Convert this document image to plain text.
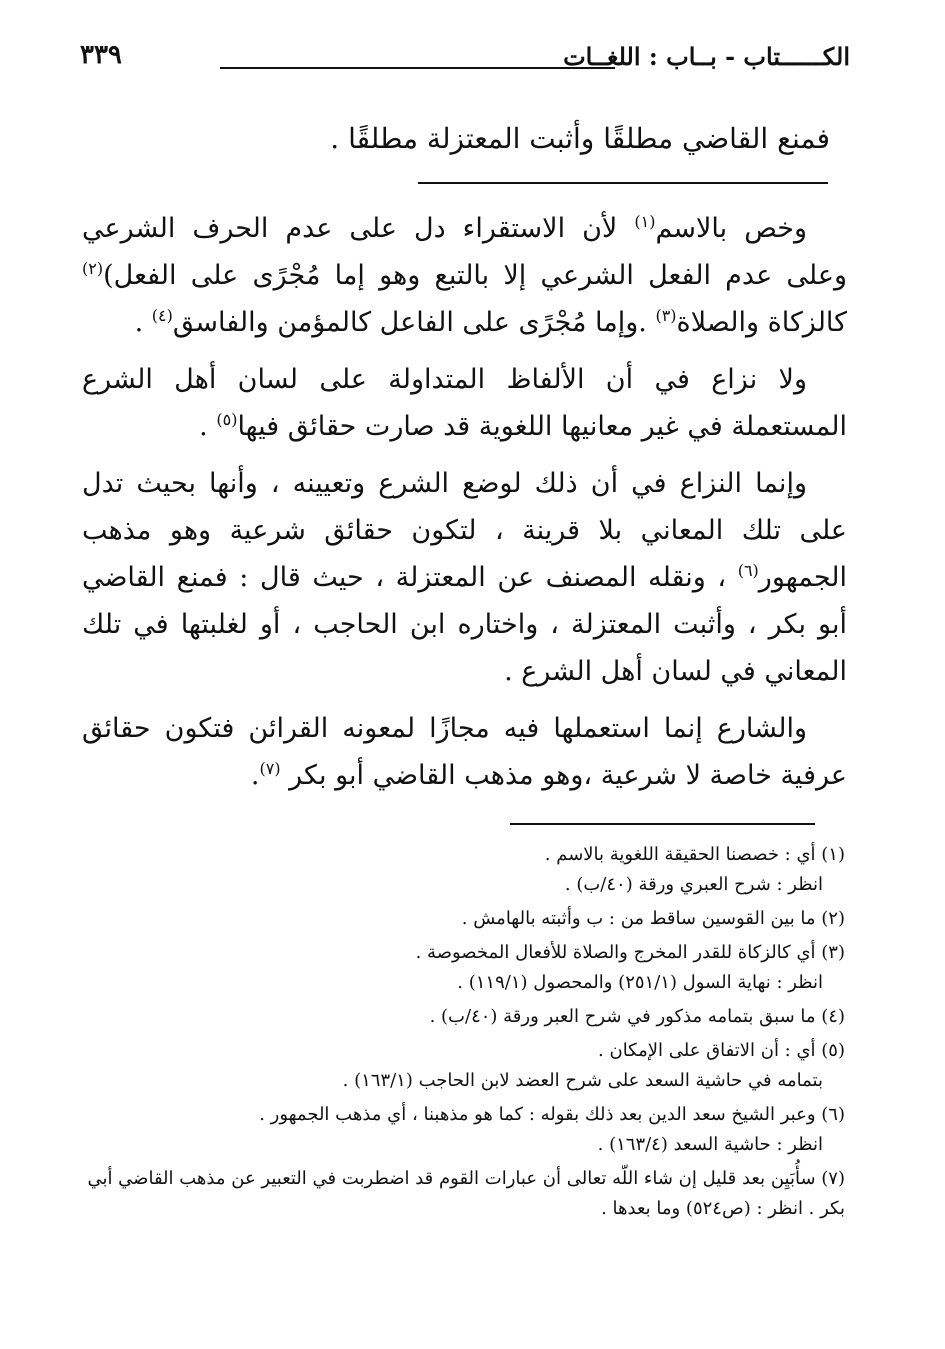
٣٣٩	الكــــــتاب - بــاب : اللغــات
فمنع القاضي مطلقًا وأثبت المعتزلة مطلقًا .

وخص بالاسم$^{(١)}$ لأن الاستقراء دل على عدم الحرف الشرعي وعلى عدم الفعل الشرعي إلا بالتبع وهو إما مُجْرًى على الفعل)$^{(٢)}$ كالزكاة والصلاة$^{(٣)}$ .وإما مُجْرًى على الفاعل كالمؤمن والفاسق$^{(٤)}$ .

ولا نزاع في أن الألفاظ المتداولة على لسان أهل الشرع المستعملة في غير معانيها اللغوية قد صارت حقائق فيها$^{(٥)}$ .

وإنما النزاع في أن ذلك لوضع الشرع وتعيينه ، وأنها بحيث تدل على تلك المعاني بلا قرينة ، لتكون حقائق شرعية وهو مذهب الجمهور$^{(٦)}$ ، ونقله المصنف عن المعتزلة ، حيث قال : فمنع القاضي أبو بكر ، وأثبت المعتزلة ، واختاره ابن الحاجب ، أو لغلبتها في تلك المعاني في لسان أهل الشرع .

والشارع إنما استعملها فيه مجازًا لمعونه القرائن فتكون حقائق عرفية خاصة لا شرعية ،وهو مذهب القاضي أبو بكر $^{(٧)}$.

(١) أي : خصصنا الحقيقة اللغوية بالاسم .
انظر : شرح العبري ورقة (٤٠/ب) .
(٢) ما بين القوسين ساقط من : ب وأثبته بالهامش .
(٣) أي كالزكاة للقدر المخرج والصلاة للأفعال المخصوصة .
انظر : نهاية السول (٢٥١/١) والمحصول (١١٩/١) .
(٤) ما سبق بتمامه مذكور في شرح العبر ورقة (٤٠/ب) .
(٥) أي : أن الاتفاق على الإمكان .
بتمامه في حاشية السعد على شرح العضد لابن الحاجب (١٦٣/١) .
(٦) وعبر الشيخ سعد الدين بعد ذلك بقوله : كما هو مذهبنا ، أي مذهب الجمهور .
انظر : حاشية السعد (١٦٣/٤) .
(٧) سأُبَيِن بعد قليل إن شاء اللّه تعالى أن عبارات القوم قد اضطربت في التعبير عن مذهب القاضي أبي
بكر . انظر : (ص٥٢٤) وما بعدها .
